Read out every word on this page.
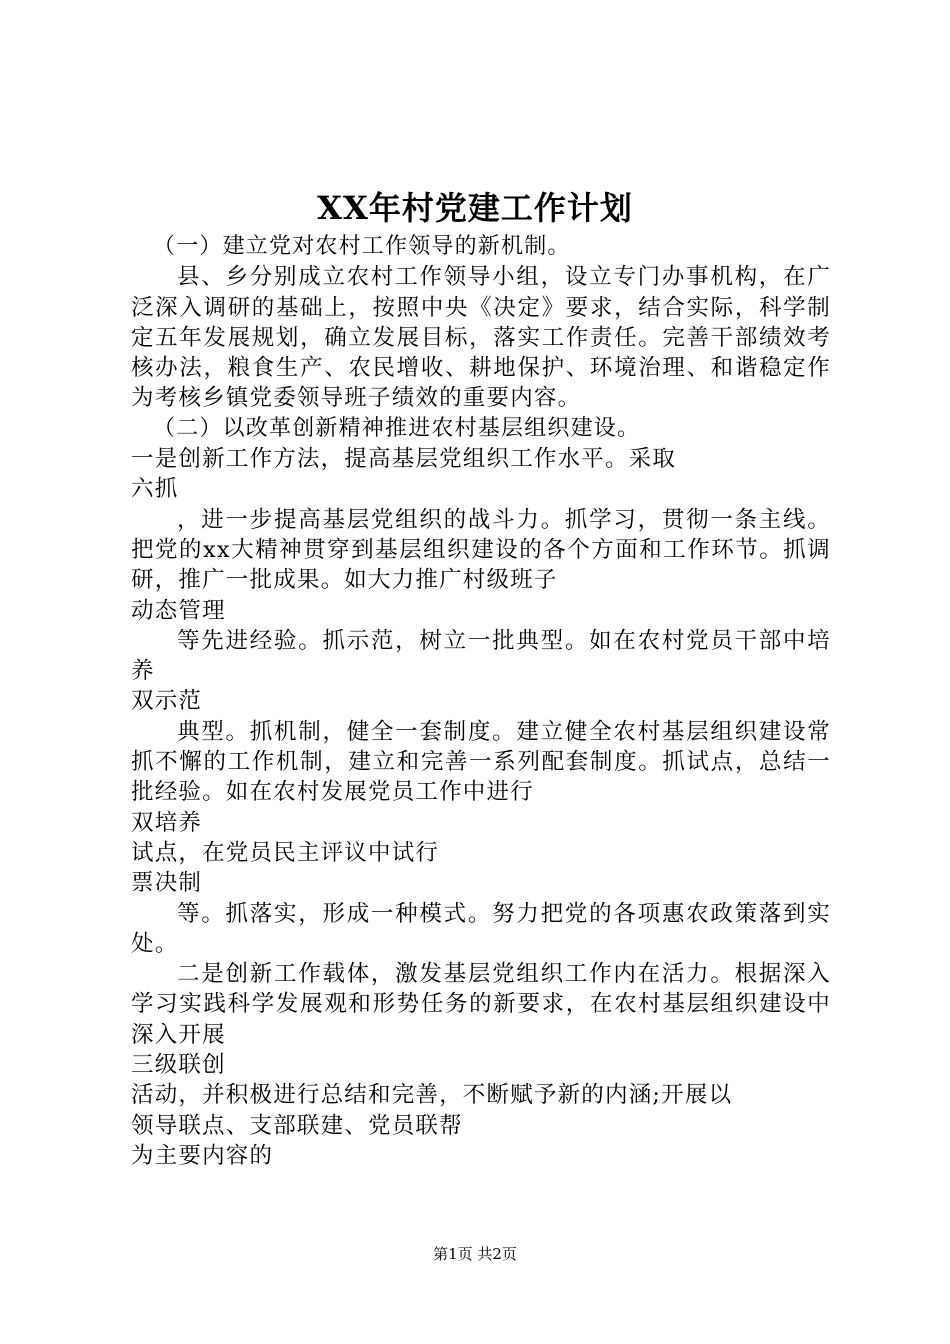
XX年村党建工作计划

（一）建立党对农村工作领导的新机制。

县、乡分别成立农村工作领导小组，设立专门办事机构，在广泛深入调研的基础上，按照中央《决定》要求，结合实际，科学制定五年发展规划，确立发展目标，落实工作责任。完善干部绩效考核办法，粮食生产、农民增收、耕地保护、环境治理、和谐稳定作为考核乡镇党委领导班子绩效的重要内容。

（二）以改革创新精神推进农村基层组织建设。

一是创新工作方法，提高基层党组织工作水平。采取

六抓

，进一步提高基层党组织的战斗力。抓学习，贯彻一条主线。把党的xx大精神贯穿到基层组织建设的各个方面和工作环节。抓调研，推广一批成果。如大力推广村级班子

动态管理

等先进经验。抓示范，树立一批典型。如在农村党员干部中培养

双示范

典型。抓机制，健全一套制度。建立健全农村基层组织建设常抓不懈的工作机制，建立和完善一系列配套制度。抓试点，总结一批经验。如在农村发展党员工作中进行

双培养

试点，在党员民主评议中试行

票决制

等。抓落实，形成一种模式。努力把党的各项惠农政策落到实处。

二是创新工作载体，激发基层党组织工作内在活力。根据深入学习实践科学发展观和形势任务的新要求，在农村基层组织建设中深入开展

三级联创

活动，并积极进行总结和完善，不断赋予新的内涵;开展以

领导联点、支部联建、党员联帮

为主要内容的

第1页 共2页
